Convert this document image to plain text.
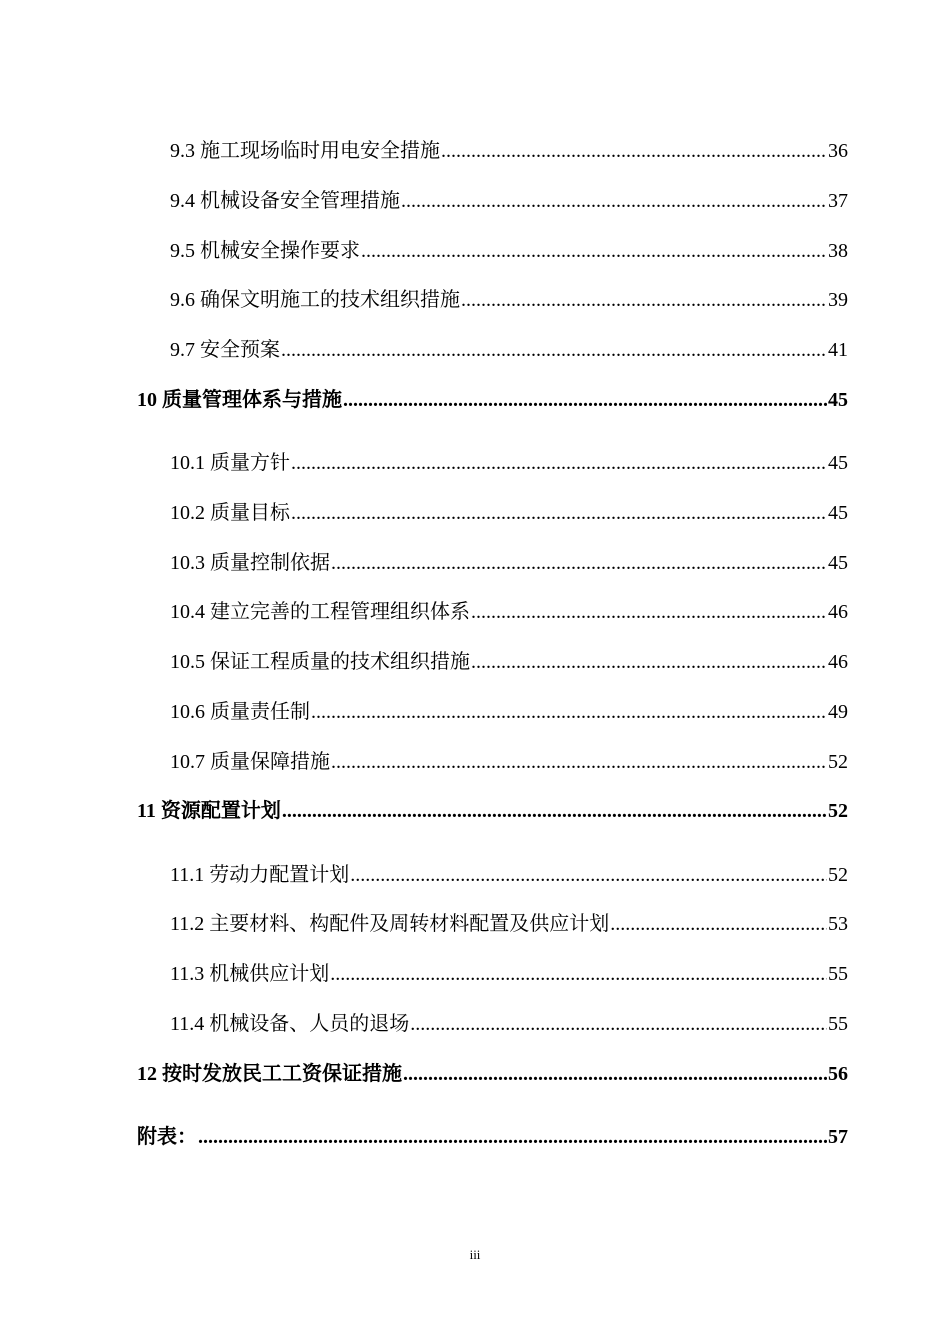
9.3 施工现场临时用电安全措施 .....	36
9.4 机械设备安全管理措施 .....	37
9.5 机械安全操作要求 .....	38
9.6 确保文明施工的技术组织措施 .....	39
9.7 安全预案 .....	41
10 质量管理体系与措施 .....	45
10.1 质量方针 .....	45
10.2 质量目标 .....	45
10.3 质量控制依据 .....	45
10.4 建立完善的工程管理组织体系 .....	46
10.5 保证工程质量的技术组织措施 .....	46
10.6 质量责任制 .....	49
10.7 质量保障措施 .....	52
11 资源配置计划 .....	52
11.1 劳动力配置计划 .....	52
11.2 主要材料、构配件及周转材料配置及供应计划 .....	53
11.3 机械供应计划 .....	55
11.4 机械设备、人员的退场 .....	55
12 按时发放民工工资保证措施 .....	56
附表： .....	57
iii
